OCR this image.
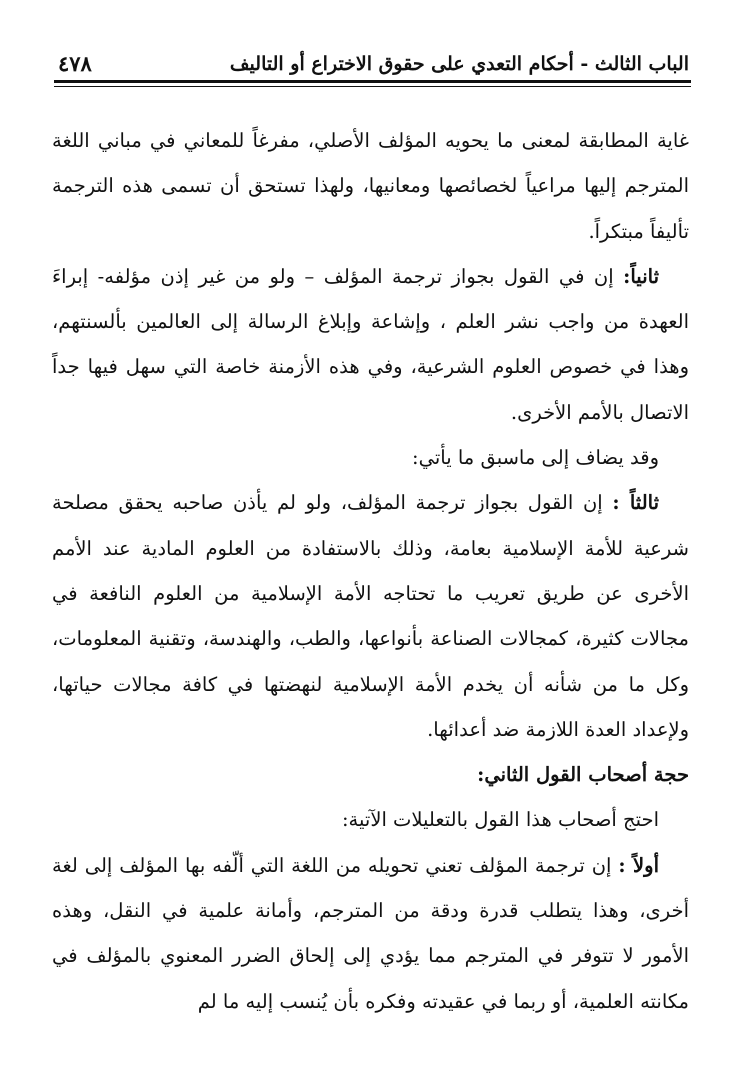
الباب الثالث - أحكام التعدي على حقوق الاختراع أو التاليف
٤٧٨

غاية المطابقة لمعنى ما يحويه المؤلف الأصلي، مفرغاً للمعاني في مباني اللغة المترجم إليها مراعياً لخصائصها ومعانيها، ولهذا تستحق أن تسمى هذه الترجمة تأليفاً مبتكراً.

ثانياً: إن في القول بجواز ترجمة المؤلف – ولو من غير إذن مؤلفه- إبراءَ العهدة من واجب نشر العلم ، وإشاعة وإبلاغ الرسالة إلى العالمين بألسنتهم، وهذا في خصوص العلوم الشرعية، وفي هذه الأزمنة خاصة التي سهل فيها جداً الاتصال بالأمم الأخرى.

وقد يضاف إلى ماسبق ما يأتي:

ثالثاً : إن القول بجواز ترجمة المؤلف، ولو لم يأذن صاحبه يحقق مصلحة شرعية للأمة الإسلامية بعامة، وذلك بالاستفادة من العلوم المادية عند الأمم الأخرى عن طريق تعريب ما تحتاجه الأمة الإسلامية من العلوم النافعة في مجالات كثيرة، كمجالات الصناعة بأنواعها، والطب، والهندسة، وتقنية المعلومات، وكل ما من شأنه أن يخدم الأمة الإسلامية لنهضتها في كافة مجالات حياتها، ولإعداد العدة اللازمة ضد أعدائها.

حجة أصحاب القول الثاني:

احتج أصحاب هذا القول بالتعليلات الآتية:

أولاً : إن ترجمة المؤلف تعني تحويله من اللغة التي ألّفه بها المؤلف إلى لغة أخرى، وهذا يتطلب قدرة ودقة من المترجم، وأمانة علمية في النقل، وهذه الأمور لا تتوفر في المترجم مما يؤدي إلى إلحاق الضرر المعنوي بالمؤلف في مكانته العلمية، أو ربما في عقيدته وفكره بأن يُنسب إليه ما لم
